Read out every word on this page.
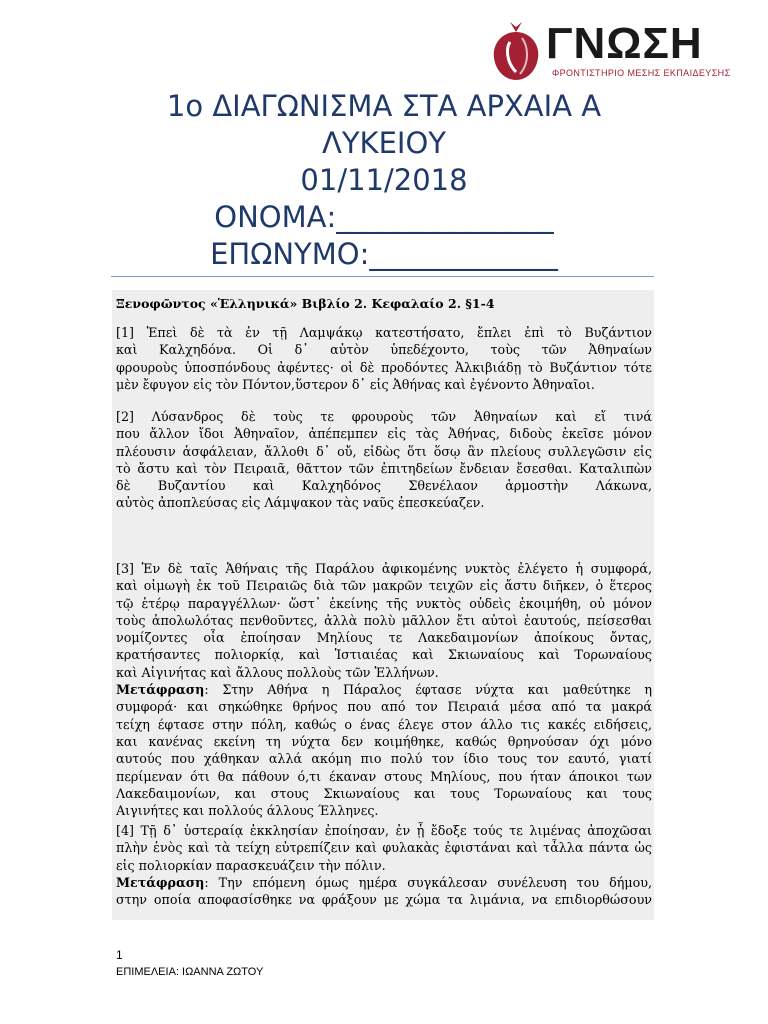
ΓΝΩΣΗ
ΦΡΟΝΤΙΣΤΗΡΙΟ ΜΕΣΗΣ ΕΚΠΑΙΔΕΥΣΗΣ
1ο ΔΙΑΓΩΝΙΣΜΑ ΣΤΑ ΑΡΧΑΙΑ Α
ΛΥΚΕΙΟΥ
01/11/2018
ΟΝΟΜΑ:_______________
ΕΠΩΝΥΜΟ:_____________
Ξενοφῶντος «Ἑλληνικά» Βιβλίο 2. Κεφαλαίο 2. §1-4
[1] Ἐπεὶ δὲ τὰ ἐν τῇ Λαμψάκῳ κατεστήσατο, ἔπλει ἐπὶ τὸ Βυζάντιον
καὶ Καλχηδόνα. Οἱ δ᾽ αὐτὸν ὑπεδέχοντο, τοὺς τῶν Ἀθηναίων
φρουροὺς ὑποσπόνδους ἀφέντες· οἱ δὲ προδόντες Ἀλκιβιάδῃ τὸ Βυζάντιον τότε
μὲν ἔφυγον εἰς τὸν Πόντον,ὕστερον δ᾽ εἰς Ἀθήνας καὶ ἐγένοντο Ἀθηναῖοι.
[2] Λύσανδρος δὲ τοὺς τε φρουροὺς τῶν Ἀθηναίων καὶ εἴ τινά
που ἄλλον ἴδοι Ἀθηναῖον, ἀπέπεμπεν εἰς τὰς Ἀθήνας, διδοὺς ἐκεῖσε μόνον
πλέουσιν ἀσφάλειαν, ἄλλοθι δ᾽ οὔ, εἰδὼς ὅτι ὅσῳ ἂν πλείους συλλεγῶσιν εἰς
τὸ ἄστυ καὶ τὸν Πειραιᾶ, θᾶττον τῶν ἐπιτηδείων ἔνδειαν ἔσεσθαι. Καταλιπὼν
δὲ Βυζαντίου καὶ Καλχηδόνος Σθενέλαον ἁρμοστὴν Λάκωνα,
αὐτὸς ἀποπλεύσας εἰς Λάμψακον τὰς ναῦς ἐπεσκεύαζεν.
[3] Ἐν δὲ ταῖς Ἀθήναις τῆς Παράλου ἀφικομένης νυκτὸς ἐλέγετο ἡ συμφορά,
καὶ οἰμωγὴ ἐκ τοῦ Πειραιῶς διὰ τῶν μακρῶν τειχῶν εἰς ἄστυ διῆκεν, ὁ ἕτερος
τῷ ἑτέρῳ παραγγέλλων· ὥστ᾽ ἐκείνης τῆς νυκτὸς οὐδεὶς ἐκοιμήθη, οὐ μόνον
τοὺς ἀπολωλότας πενθοῦντες, ἀλλὰ πολὺ μᾶλλον ἔτι αὐτοὶ ἑαυτούς, πείσεσθαι
νομίζοντες οἷα ἐποίησαν Μηλίους τε Λακεδαιμονίων ἀποίκους ὄντας,
κρατήσαντες πολιορκίᾳ, καὶ Ἱστιαιέας καὶ Σκιωναίους καὶ Τορωναίους
καὶ Αἰγινήτας καὶ ἄλλους πολλοὺς τῶν Ἑλλήνων.
Μετάφραση: Στην Αθήνα η Πάραλος έφτασε νύχτα και μαθεύτηκε η
συμφορά· και σηκώθηκε θρήνος που από τον Πειραιά μέσα από τα μακρά
τείχη έφτασε στην πόλη, καθώς ο ένας έλεγε στον άλλο τις κακές ειδήσεις,
και κανένας εκείνη τη νύχτα δεν κοιμήθηκε, καθώς θρηνούσαν όχι μόνο
αυτούς που χάθηκαν αλλά ακόμη πιο πολύ τον ίδιο τους τον εαυτό, γιατί
περίμεναν ότι θα πάθουν ό,τι έκαναν στους Μηλίους, που ήταν άποικοι των
Λακεδαιμονίων, και στους Σκιωναίους και τους Τορωναίους και τους
Αιγινήτες και πολλούς άλλους Έλληνες.
[4] Τῇ δ᾽ ὑστεραίᾳ ἐκκλησίαν ἐποίησαν, ἐν ᾗ ἔδοξε τούς τε λιμένας ἀποχῶσαι
πλὴν ἑνὸς καὶ τὰ τείχη εὐτρεπίζειν καὶ φυλακὰς ἐφιστάναι καὶ τἆλλα πάντα ὡς
εἰς πολιορκίαν παρασκευάζειν τὴν πόλιν.
Μετάφραση: Την επόμενη όμως ημέρα συγκάλεσαν συνέλευση του δήμου,
στην οποία αποφασίσθηκε να φράξουν με χώμα τα λιμάνια, να επιδιορθώσουν
1
ΕΠΙΜΕΛΕΙΑ: ΙΩΑΝΝΑ ΖΩΤΟΥ
